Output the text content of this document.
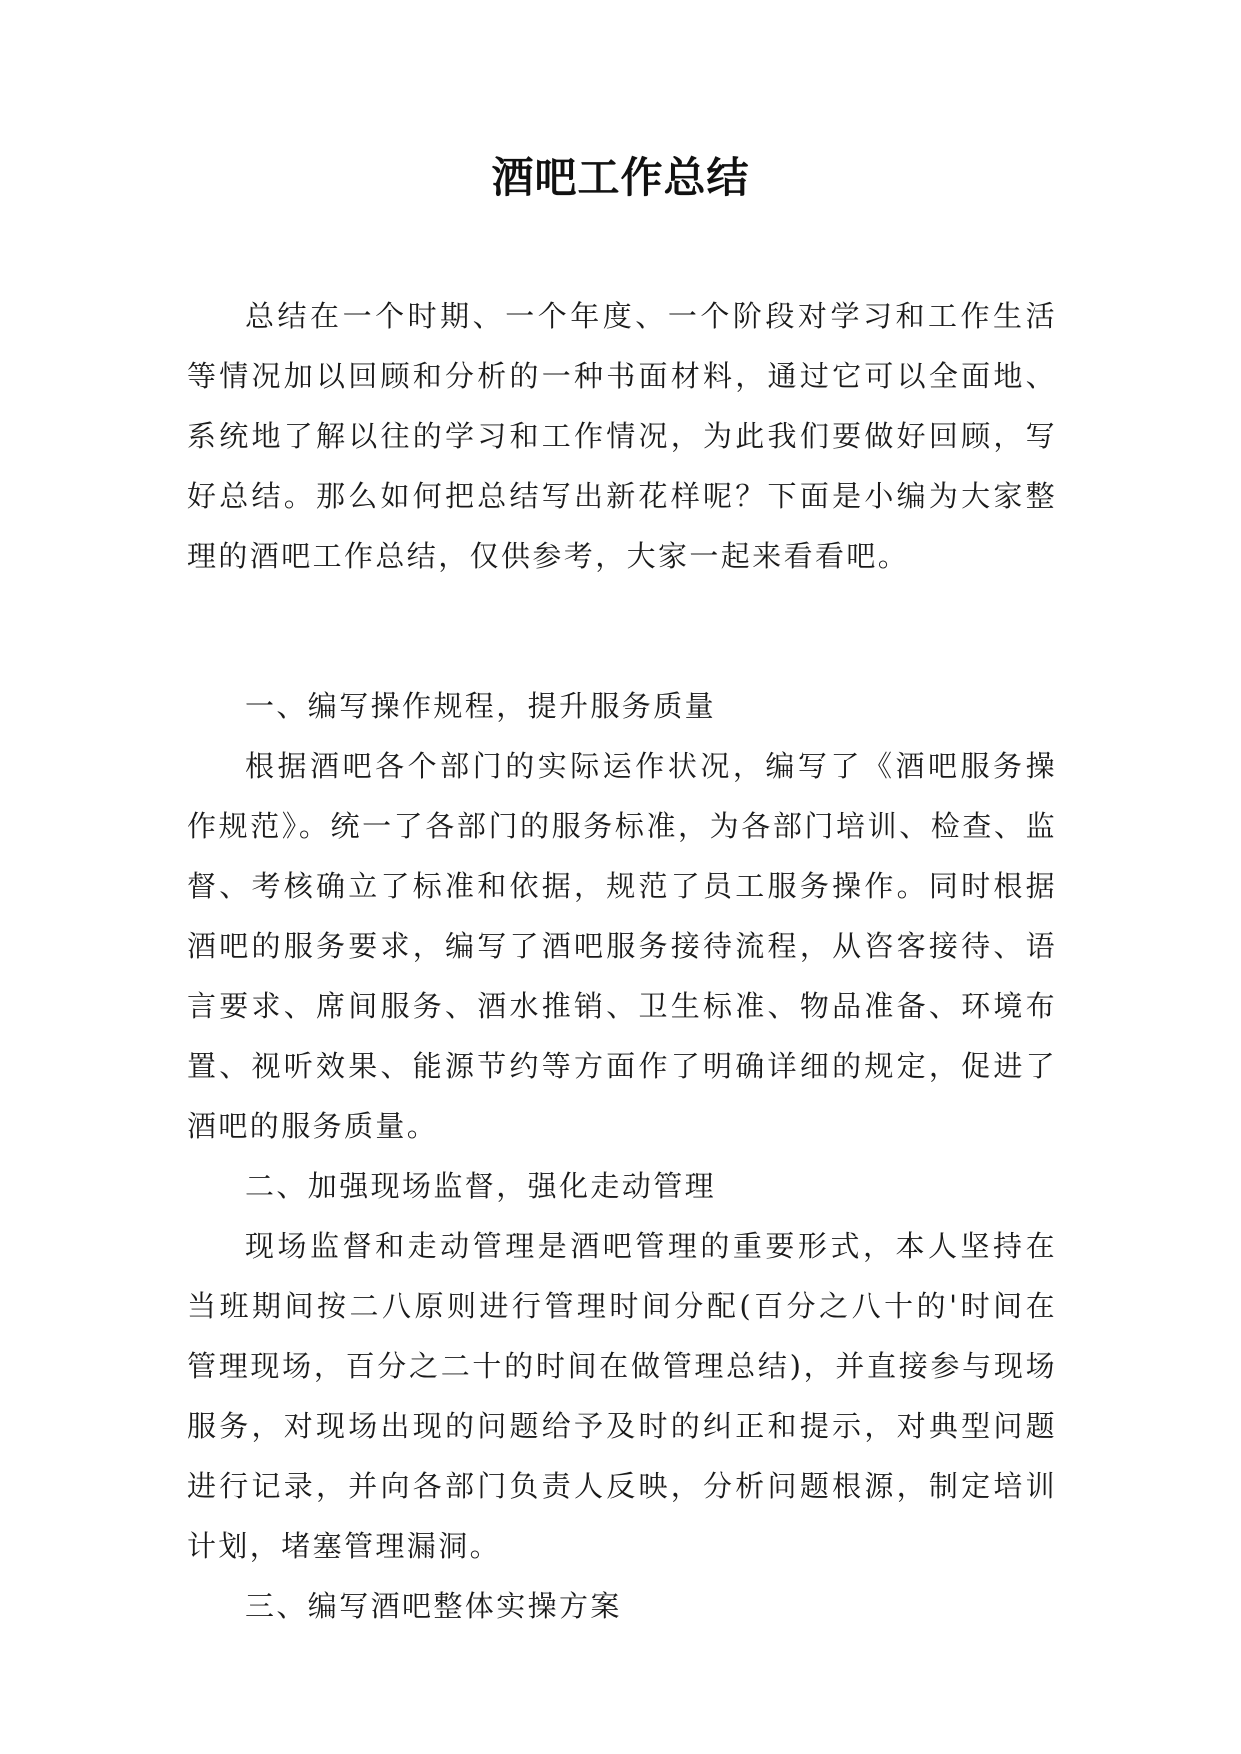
酒吧工作总结

总结在一个时期、一个年度、一个阶段对学习和工作生活等情况加以回顾和分析的一种书面材料，通过它可以全面地、系统地了解以往的学习和工作情况，为此我们要做好回顾，写好总结。那么如何把总结写出新花样呢？下面是小编为大家整理的酒吧工作总结，仅供参考，大家一起来看看吧。

一、编写操作规程，提升服务质量

根据酒吧各个部门的实际运作状况，编写了《酒吧服务操作规范》。统一了各部门的服务标准，为各部门培训、检查、监督、考核确立了标准和依据，规范了员工服务操作。同时根据酒吧的服务要求，编写了酒吧服务接待流程，从咨客接待、语言要求、席间服务、酒水推销、卫生标准、物品准备、环境布置、视听效果、能源节约等方面作了明确详细的规定，促进了酒吧的服务质量。

二、加强现场监督，强化走动管理

现场监督和走动管理是酒吧管理的重要形式，本人坚持在当班期间按二八原则进行管理时间分配(百分之八十的'时间在管理现场，百分之二十的时间在做管理总结)，并直接参与现场服务，对现场出现的问题给予及时的纠正和提示，对典型问题进行记录，并向各部门负责人反映，分析问题根源，制定培训计划，堵塞管理漏洞。

三、编写酒吧整体实操方案
